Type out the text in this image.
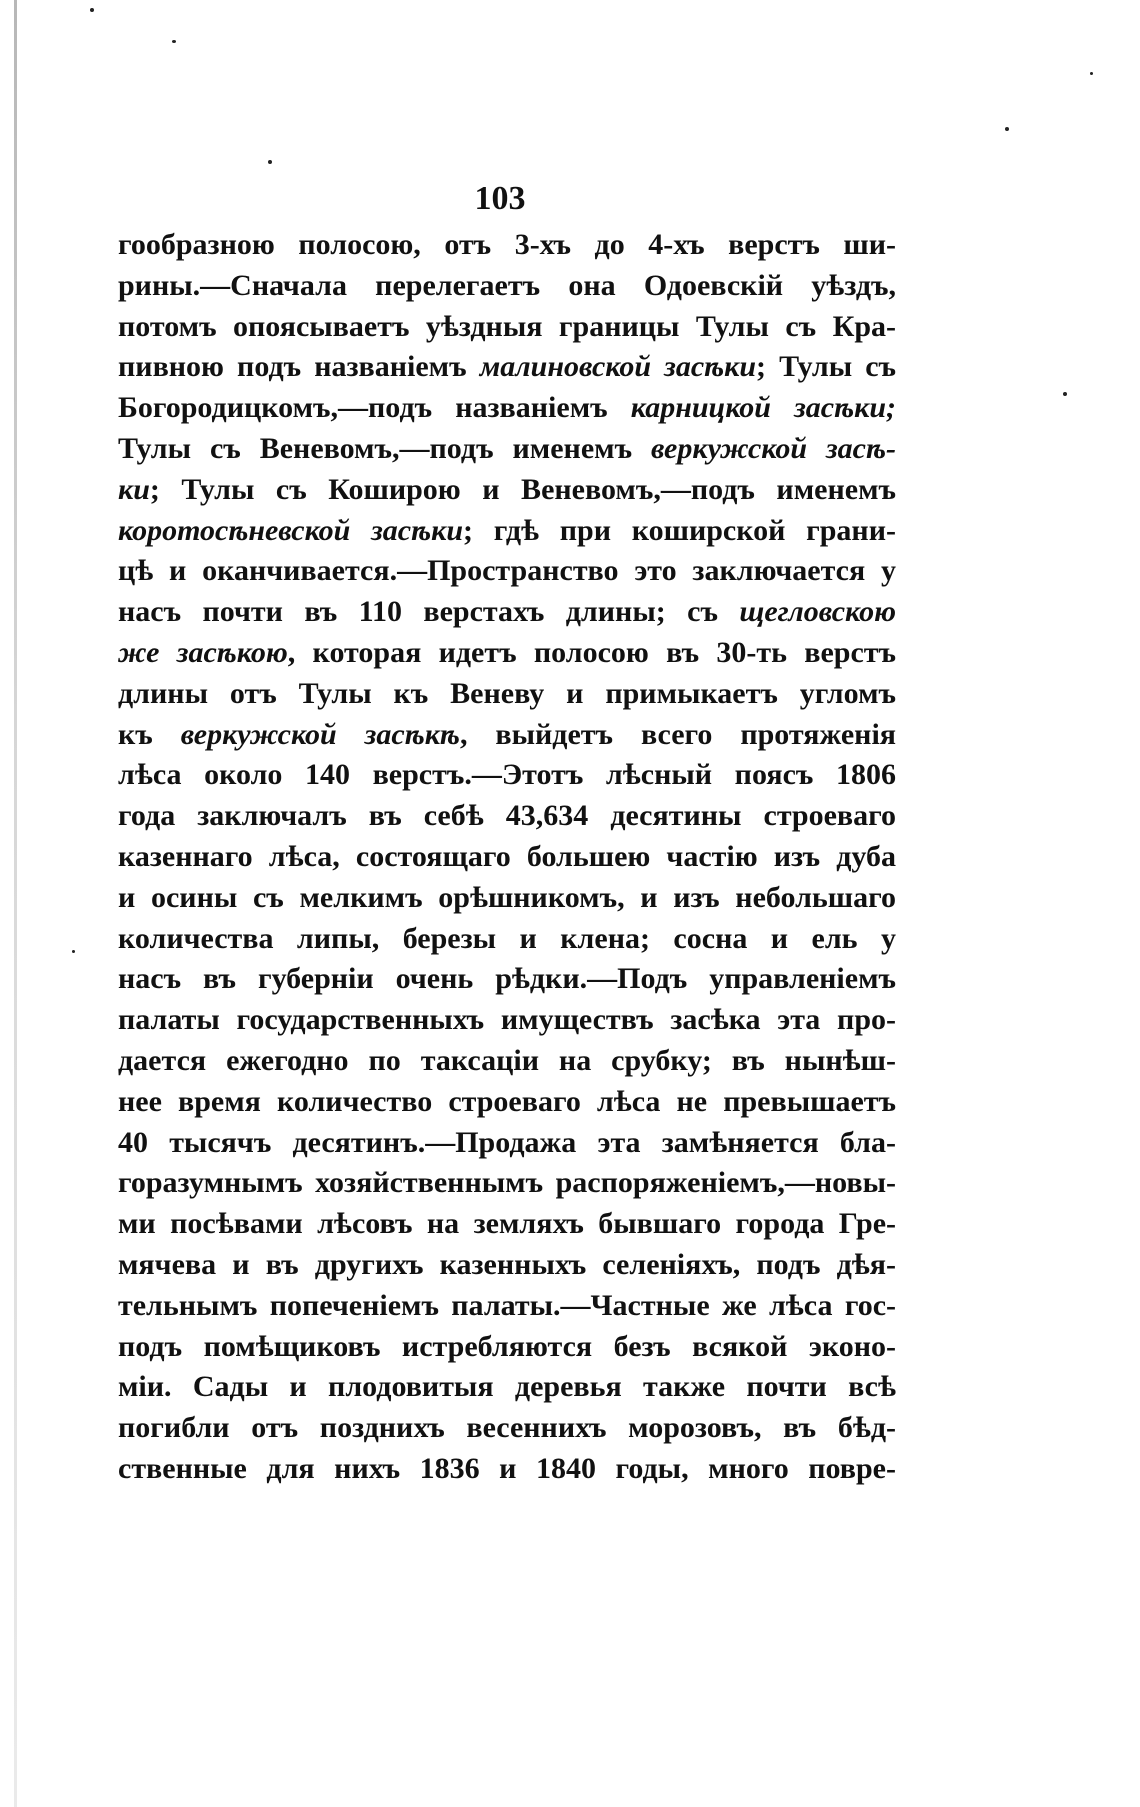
103
гообразною полосою, отъ 3-хъ до 4-хъ верстъ ши-
рины.—Сначала перелегаетъ она Одоевскій уѣздъ,
потомъ опоясываетъ уѣздныя границы Тулы съ Кра-
пивною подъ названіемъ малиновской засѣки; Тулы съ
Богородицкомъ,—подъ названіемъ карницкой засѣки;
Тулы съ Веневомъ,—подъ именемъ веркужской засѣ-
ки; Тулы съ Коширою и Веневомъ,—подъ именемъ
коротосѣневской засѣки; гдѣ при коширской грани-
цѣ и оканчивается.—Пространство это заключается у
насъ почти въ 110 верстахъ длины; съ щегловскою
же засѣкою, которая идетъ полосою въ 30-ть верстъ
длины отъ Тулы къ Веневу и примыкаетъ угломъ
къ веркужской засѣкѣ, выйдетъ всего протяженія
лѣса около 140 верстъ.—Этотъ лѣсный поясъ 1806
года заключалъ въ себѣ 43,634 десятины строеваго
казеннаго лѣса, состоящаго большею частію изъ дуба
и осины съ мелкимъ орѣшникомъ, и изъ небольшаго
количества липы, березы и клена; сосна и ель у
насъ въ губерніи очень рѣдки.—Подъ управленіемъ
палаты государственныхъ имуществъ засѣка эта про-
дается ежегодно по таксаціи на срубку; въ нынѣш-
нее время количество строеваго лѣса не превышаетъ
40 тысячъ десятинъ.—Продажа эта замѣняется бла-
горазумнымъ хозяйственнымъ распоряженіемъ,—новы-
ми посѣвами лѣсовъ на земляхъ бывшаго города Гре-
мячева и въ другихъ казенныхъ селеніяхъ, подъ дѣя-
тельнымъ попеченіемъ палаты.—Частные же лѣса гос-
подъ помѣщиковъ истребляются безъ всякой эконо-
міи. Сады и плодовитыя деревья также почти всѣ
погибли отъ позднихъ весеннихъ морозовъ, въ бѣд-
ственные для нихъ 1836 и 1840 годы, много повре-
